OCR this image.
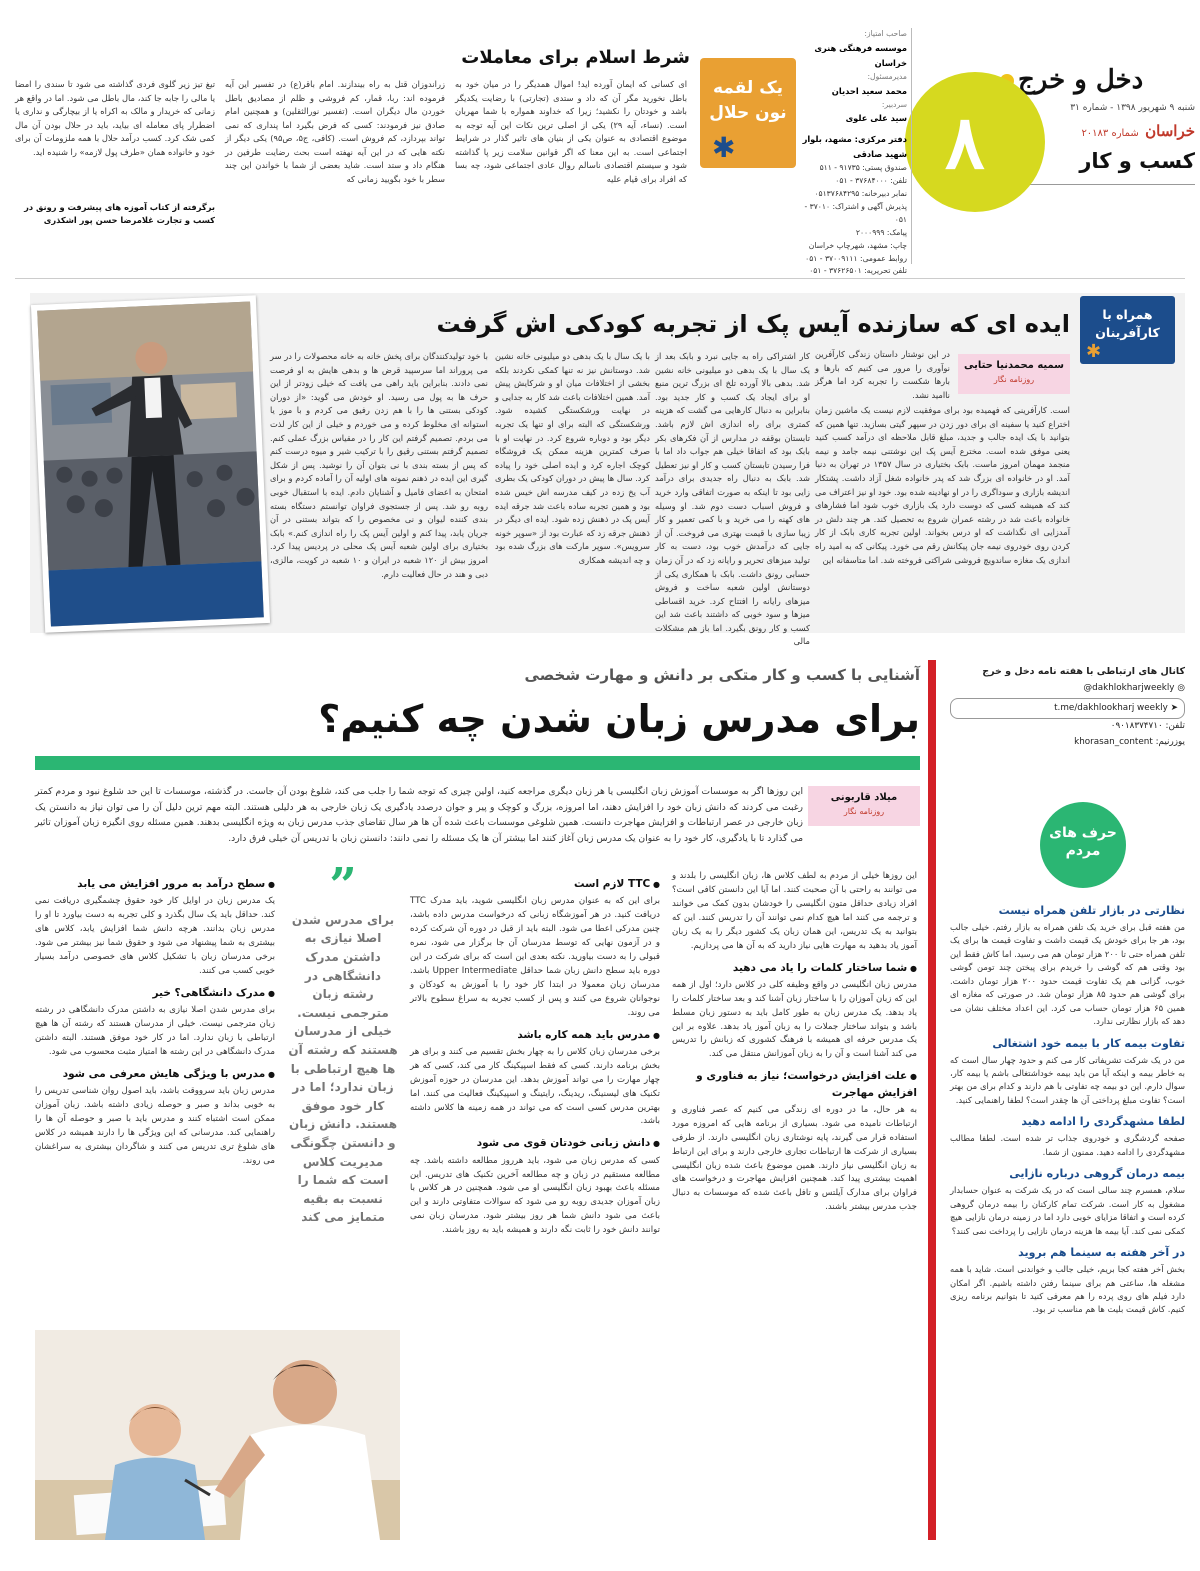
دخل و خرج
شنبه ۹ شهریور ۱۳۹۸ - شماره ۳۱
خراسان  شماره ۲۰۱۸۳
کسب و کار
۸
صاحب امتیاز:
موسسه فرهنگی هنری خراسان
مدیرمسئول:
محمد سعید احدیان
سردبیر:
سید علی علوی
دفتر مرکزی: مشهد، بلوار شهید صادقی
صندوق پستی: ۹۱۷۳۵ - ۵۱۱
تلفن: ۳۷۶۸۴۰۰۰ - ۰۵۱
نمابر دبیرخانه: ۰۵۱۳۷۶۸۴۲۹۵
پذیرش آگهی و اشتراک: ۳۷۰۱۰ - ۰۵۱
پیامک: ۲۰۰۰۹۹۹
چاپ: مشهد، شهرچاپ خراسان
روابط عمومی: ۳۷۰۰۹۱۱۱ - ۰۵۱
تلفن تحریریه: ۳۷۶۲۶۵۰۱ - ۰۵۱
یک لقمه
نون حلال
✱
شرط اسلام برای معاملات
ای کسانی که ایمان آورده اید! اموال همدیگر را در میان خود به باطل نخورید مگر آن که داد و ستدی (تجارتی) با رضایت یکدیگر باشد و خودتان را نکشید؛ زیرا که خداوند همواره با شما مهربان است. (نساء، آیه ۲۹) یکی از اصلی ترین نکات این آیه توجه به موضوع اقتصادی به عنوان یکی از بنیان های تاثیر گذار در شرایط اجتماعی است. به این معنا که اگر قوانین سلامت زیر پا گذاشته شود و سیستم اقتصادی ناسالم روال عادی اجتماعی شود، چه بسا که افراد برای قیام علیه
زراندوزان قتل به راه بیندازند. امام باقر(ع) در تفسیر این آیه فرموده اند: ربا، قمار، کم فروشی و ظلم از مصادیق باطل خوردن مال دیگران است. (تفسیر نورالثقلین) و همچنین امام صادق نیز فرمودند: کسی که فرض بگیرد اما پنداری که نمی تواند بپردازد، کم فروش است. (کافی، ج۵، ص۹۵) یکی دیگر از نکته هایی که در این آیه نهفته است بحث رضایت طرفین در هنگام داد و ستد است. شاید بعضی از شما با خواندن این چند سطر با خود بگویید زمانی که
تیغ تیز زیر گلوی فردی گذاشته می شود تا سندی را امضا یا مالی را جابه جا کند، مال باطل می شود. اما در واقع هر زمانی که خریدار و مالک به اکراه یا از بیچارگی و نداری یا اضطرار پای معامله ای بیاید، باید در حلال بودن آن مال کمی شک کرد. کسب درآمد حلال با همه ملزومات آن برای خود و خانواده همان «طرف پول لازمه» را شنیده اید.
برگرفته از کتاب آموزه های پیشرفت و رونق در کسب و تجارت غلامرضا حسن پور اشکذری
همراه با
کارآفرینان
✱
ایده ای که سازنده آیس پک از تجربه کودکی اش گرفت
سمیه محمدنیا حتایی
روزنامه نگار
در این نوشتار داستان زندگی کارآفرین نوآوری را مرور می کنیم که بارها و بارها شکست را تجربه کرد اما هرگز ناامید نشد.
است. کارآفرینی که فهمیده بود برای موفقیت لازم نیست یک ماشین زمان اختراع کنید یا سفینه ای برای دور زدن در سپهر گیتی بسازید. تنها همین که بتوانید با یک ایده جالب و جدید، مبلغ قابل ملاحظه ای درآمد کسب کنید یعنی موفق شده است. مخترع آیس پک این نوشتنی نیمه جامد و نیمه منجمد مهمان امروز ماست. بابک بختیاری در سال ۱۳۵۷ در تهران به دنیا آمد. او در خانواده ای بزرگ شد که پدر خانواده شغل آزاد داشت. پشتکار اندیشه بازاری و سوداگری را در او نهادینه شده بود. خود او نیز اعتراف می کند که همیشه کسی که دوست دارد یک بازاری خوب شود اما فشارهای خانواده باعث شد در رشته عمران شروع به تحصیل کند. هر چند دلش در آمدزایی ای نگذاشت که او درس بخواند. اولین تجربه کاری بابک از کار کردن روی خودروی نیمه جان پیکانش رقم می خورد. پیکانی که به امید راه اندازی یک مغازه ساندویچ فروشی شراکتی فروخته شد. اما متاسفانه این
کار اشتراکی راه به جایی نبرد و بابک بعد از یک سال با یک بدهی دو میلیونی خانه نشین شد. بدهی بالا آورده تلخ ای بزرگ ترین منبع او برای ایجاد یک کسب و کار جدید بود. بنابراین به دنبال کارهایی می گشت که هزینه کمتری برای راه اندازی اش لازم باشد. تابستان بوقفه در مدارس از آن فکرهای بکر بابک بود که اتفاقا خیلی هم جواب داد اما با فرا رسیدن تابستان کسب و کار او نیز تعطیل شد. بابک به دنبال راه جدیدی برای درآمد زایی بود تا اینکه به صورت اتفاقی وارد خرید و فروش اسباب دست دوم شد. او وسیله های کهنه را می خرید و با کمی تعمیر و کار زیبا سازی با قیمت بهتری می فروخت. آن از جایی که درآمدش خوب بود، دست به کار تولید میزهای تحریر و رایانه زد که در آن زمان حسابی رونق داشت. بابک با همکاری یکی از دوستانش اولین شعبه ساخت و فروش میزهای رایانه را افتتاح کرد. خرید اقساطی میزها و سود خوبی که داشتند باعث شد این کسب و کار رونق بگیرد. اما باز هم مشکلات مالی
با یک سال با یک بدهی دو میلیونی خانه نشین شد. دوستانش نیز نه تنها کمکی نکردند بلکه بخشی از اختلافات میان او و شرکایش پیش آمد. همین اختلافات باعث شد کار به جدایی و در نهایت ورشکستگی کشیده شود. ورشکستگی که البته برای او تنها یک تجربه دیگر بود و دوباره شروع کرد. در نهایت او با صرف کمترین هزینه ممکن یک فروشگاه کوچک اجاره کرد و ایده اصلی خود را پیاده کرد. سال ها پیش در دوران کودکی یک بطری آب یخ زده در کیف مدرسه اش خیس شده بود و همین تجربه ساده باعث شد جرقه ایده آیس پک در ذهنش زده شود. ایده ای دیگر در ذهنش جرقه زد که عبارت بود از «سوپر خونه سرویس». سوپر مارکت های بزرگ شده بود و چه اندیشه همکاری
با خود تولیدکنندگان برای پخش خانه به خانه محصولات را در سر می پروراند اما سرسپید قرض ها و بدهی هایش به او فرصت نمی دادند. بنابراین باید راهی می یافت که خیلی زودتر از این حرف ها به پول می رسید. او خودش می گوید: «از دوران کودکی بستنی ها را با هم زدن رفیق می کردم و با موز یا استوانه ای مخلوط کرده و می خوردم و خیلی از این کار لذت می بردم. تصمیم گرفتم این کار را در مقیاس بزرگ عملی کنم. تصمیم گرفتم بستنی رقیق را با ترکیب شیر و میوه درست کنم که پس از بسته بندی با نی بتوان آن را نوشید. پس از شکل گیری این ایده در ذهنم نمونه های اولیه آن را آماده کردم و برای امتحان به اعضای فامیل و آشنایان دادم. ایده با استقبال خوبی روبه رو شد. پس از جستجوی فراوان توانستم دستگاه بسته بندی کننده لیوان و نی مخصوص را که بتواند بستنی در آن جریان یابد، پیدا کنم و اولین آیس پک را راه اندازی کنم.» بابک بختیاری برای اولین شعبه آیس پک محلی در پردیس پیدا کرد. امروز بیش از ۱۲۰ شعبه در ایران و ۱۰ شعبه در کویت، مالزی، دبی و هند در حال فعالیت دارم.
کانال های ارتباطی با هفته نامه دخل و خرج
@dakhlokharjweekly ◎
t.me/dakhlookharj weekly ➤
تلفن: ۰۹۰۱۸۳۷۴۷۱۰
یوزرنیم: khorasan_content
حرف های
مردم
نظارتی در بازار تلفن همراه نیست

من هفته قبل برای خرید یک تلفن همراه به بازار رفتم. خیلی جالب بود، هر جا برای خودش یک قیمت داشت و تفاوت قیمت ها برای یک تلفن همراه حتی تا ۲۰۰ هزار تومان هم می رسید. اما کاش فقط این بود وقتی هم که گوشی را خریدم برای پیختن چند تومن گوشی خوب، گزانی هم یک تفاوت قیمت حدود ۲۰۰ هزار تومان داشت. برای گوشی هم حدود ۸۵ هزار تومان شد. در صورتی که مغازه ای همین ۶۵ هزار تومان حساب می کرد. این اعداد مختلف نشان می دهد که بازار نظارتی ندارد.

تفاوت بیمه کار با بیمه خود اشتغالی

من در یک شرکت تشریفاتی کار می کنم و حدود چهار سال است که به خاطر بیمه و اینکه آیا من باید بیمه خوداشتغالی باشم یا بیمه کار، سوال دارم. این دو بیمه چه تفاوتی با هم دارند و کدام برای من بهتر است؟ تفاوت مبلغ پرداختی آن ها چقدر است؟ لطفا راهنمایی کنید.

لطفا مشهدگردی را ادامه دهید

صفحه گردشگری و خودروی جذاب تر شده است. لطفا مطالب مشهدگردی را ادامه دهید. ممنون از شما.

بیمه درمان گروهی درباره نازایی

سلام، همسرم چند سالی است که در یک شرکت به عنوان حسابدار مشغول به کار است. شرکت تمام کارکنان را بیمه درمان گروهی کرده است و اتفاقا مزایای خوبی دارد اما در زمینه درمان نازایی هیچ کمکی نمی کند. آیا بیمه ها هزینه درمان نازایی را پرداخت نمی کنند؟

در آخر هفته به سینما هم بروید

بخش آخر هفته کجا بریم، خیلی جالب و خواندنی است. شاید با همه مشغله ها، ساعتی هم برای سینما رفتن داشته باشیم. اگر امکان دارد فیلم های روی پرده را هم معرفی کنید تا بتوانیم برنامه ریزی کنیم. کاش قیمت بلیت ها هم مناسب تر بود.

آشنایی با کسب و کار متکی بر دانش و مهارت شخصی
برای مدرس زبان شدن چه کنیم؟
میلاد قاربونی
روزنامه نگار
این روزها اگر به موسسات آموزش زبان انگلیسی یا هر زبان دیگری مراجعه کنید، اولین چیزی که توجه شما را جلب می کند، شلوغ بودن آن جاست. در گذشته، موسسات تا این حد شلوغ نبود و مردم کمتر رغبت می کردند که دانش زبان خود را افزایش دهند، اما امروزه، بزرگ و کوچک و پیر و جوان درصدد یادگیری یک زبان خارجی به هر دلیلی هستند. البته مهم ترین دلیل آن را می توان نیاز به دانستن یک زبان خارجی در عصر ارتباطات و افزایش مهاجرت دانست. همین شلوغی موسسات باعث شده آن ها هر سال تقاضای جذب مدرس زبان به ویژه انگلیسی بدهند. همین مسئله روی انگیزه زبان آموزان تاثیر می گذارد تا با یادگیری، کار خود را به عنوان یک مدرس زبان آغاز کنند اما بیشتر آن ها یک مسئله را نمی دانند: دانستن زبان با تدریس آن خیلی فرق دارد.

این روزها خیلی از مردم به لطف کلاس ها، زبان انگلیسی را بلدند و می توانند به راحتی با آن صحبت کنند. اما آیا این دانستن کافی است؟ افراد زیادی حداقل متون انگلیسی را خودشان بدون کمک می خوانند و ترجمه می کنند اما هیچ کدام نمی توانند آن را تدریس کنند. این که بتوانید به یک تدریس، این همان زبان یک کشور دیگر را به یک زبان آموز یاد بدهید به مهارت هایی نیاز دارید که به آن ها می پردازیم.

● شما ساختار کلمات را یاد می دهید

مدرس زبان انگلیسی در واقع وظیفه کلی در کلاس دارد؛ اول از همه این که زبان آموزان را با ساختار زبان آشنا کند و بعد ساختار کلمات را یاد بدهد. یک مدرس زبان به طور کامل باید به دستور زبان مسلط باشد و بتواند ساختار جملات را به زبان آموز یاد بدهد. علاوه بر این یک مدرس حرفه ای همیشه با فرهنگ کشوری که زبانش را تدریس می کند آشنا است و آن را به زبان آموزانش منتقل می کند.

● علت افزایش درخواست؛ نیاز به فناوری و افزایش مهاجرت

به هر حال، ما در دوره ای زندگی می کنیم که عصر فناوری و ارتباطات نامیده می شود. بسیاری از برنامه هایی که امروزه مورد استفاده قرار می گیرند، پایه نوشتاری زبان انگلیسی دارند. از طرفی بسیاری از شرکت ها ارتباطات تجاری خارجی دارند و برای این ارتباط به زبان انگلیسی نیاز دارند. همین موضوع باعث شده زبان انگلیسی اهمیت بیشتری پیدا کند. همچنین افزایش مهاجرت و درخواست های فراوان برای مدارک آیلتس و تافل باعث شده که موسسات به دنبال جذب مدرس بیشتر باشند.

● TTC لازم است

برای این که به عنوان مدرس زبان انگلیسی شوید، باید مدرک TTC دریافت کنید. در هر آموزشگاه زبانی که درخواست مدرس داده باشد، چنین مدرکی اعطا می شود. البته باید از قبل در دوره آن شرکت کرده و در آزمون نهایی که توسط مدرسان آن جا برگزار می شود، نمره قبولی را به دست بیاورید. نکته بعدی این است که برای شرکت در این دوره باید سطح دانش زبان شما حداقل Upper Intermediate باشد. مدرسان زبان معمولا در ابتدا کار خود را با آموزش به کودکان و نوجوانان شروع می کنند و پس از کسب تجربه به سراغ سطوح بالاتر می روند.

● مدرس باید همه کاره باشد

برخی مدرسان زبان کلاس را به چهار بخش تقسیم می کنند و برای هر بخش برنامه دارند. کسی که فقط اسپیکینگ کار می کند، کسی که هر چهار مهارت را می تواند آموزش بدهد. این مدرسان در حوزه آموزش تکنیک های لیسنینگ، ریدینگ، رایتینگ و اسپیکینگ فعالیت می کنند. اما بهترین مدرس کسی است که می تواند در همه زمینه ها کلاس داشته باشد.

● دانش زبانی خودتان قوی می شود

کسی که مدرس زبان می شود، باید هرروز مطالعه داشته باشد. چه مطالعه مستقیم در زبان و چه مطالعه آخرین تکنیک های تدریس. این مسئله باعث بهبود زبان انگلیسی او می شود. همچنین در هر کلاس با زبان آموزان جدیدی روبه رو می شود که سوالات متفاوتی دارند و این باعث می شود دانش شما هر روز بیشتر شود. مدرسان زبان نمی توانند دانش خود را ثابت نگه دارند و همیشه باید به روز باشند.

”
برای مدرس شدن اصلا نیازی به داشتن مدرک دانشگاهی در رشته زبان مترجمی نیست. خیلی از مدرسان هستند که رشته آن ها هیچ ارتباطی با زبان ندارد؛ اما در کار خود موفق هستند. دانش زبان و دانستن چگونگی مدیریت کلاس است که شما را نسبت به بقیه متمایز می کند
● سطح درآمد به مرور افزایش می یابد

یک مدرس زبان در اوایل کار خود حقوق چشمگیری دریافت نمی کند. حداقل باید یک سال بگذرد و کلی تجربه به دست بیاورد تا او را مدرس زبان بدانند. هرچه دانش شما افزایش یابد، کلاس های بیشتری به شما پیشنهاد می شود و حقوق شما نیز بیشتر می شود. برخی مدرسان زبان با تشکیل کلاس های خصوصی درآمد بسیار خوبی کسب می کنند.

● مدرک دانشگاهی؟ خیر

برای مدرس شدن اصلا نیازی به داشتن مدرک دانشگاهی در رشته زبان مترجمی نیست. خیلی از مدرسان هستند که رشته آن ها هیچ ارتباطی با زبان ندارد. اما در کار خود موفق هستند. البته داشتن مدرک دانشگاهی در این رشته ها امتیاز مثبت محسوب می شود.

● مدرس با ویژگی هایش معرفی می شود

مدرس زبان باید سرووقت باشد، باید اصول روان شناسی تدریس را به خوبی بداند و صبر و حوصله زیادی داشته باشد. زبان آموزان ممکن است اشتباه کنند و مدرس باید با صبر و حوصله آن ها را راهنمایی کند. مدرسانی که این ویژگی ها را دارند همیشه در کلاس های شلوغ تری تدریس می کنند و شاگردان بیشتری به سراغشان می روند.
